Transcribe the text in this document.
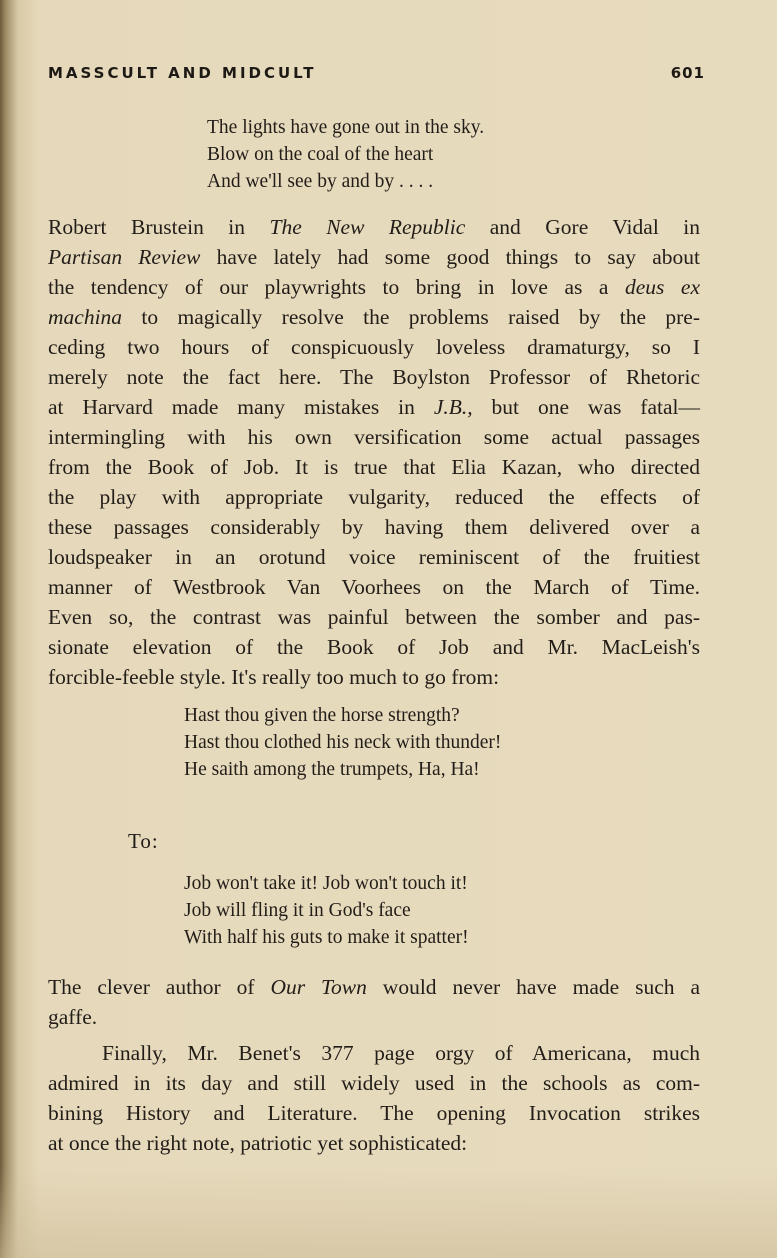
MASSCULT AND MIDCULT	601
The lights have gone out in the sky.
Blow on the coal of the heart
And we'll see by and by . . . .
Robert Brustein in The New Republic and Gore Vidal in
Partisan Review have lately had some good things to say about
the tendency of our playwrights to bring in love as a deus ex
machina to magically resolve the problems raised by the pre-
ceding two hours of conspicuously loveless dramaturgy, so I
merely note the fact here. The Boylston Professor of Rhetoric
at Harvard made many mistakes in J.B., but one was fatal—
intermingling with his own versification some actual passages
from the Book of Job. It is true that Elia Kazan, who directed
the play with appropriate vulgarity, reduced the effects of
these passages considerably by having them delivered over a
loudspeaker in an orotund voice reminiscent of the fruitiest
manner of Westbrook Van Voorhees on the March of Time.
Even so, the contrast was painful between the somber and pas-
sionate elevation of the Book of Job and Mr. MacLeish's
forcible-feeble style. It's really too much to go from:
Hast thou given the horse strength?
Hast thou clothed his neck with thunder!
He saith among the trumpets, Ha, Ha!
To:
Job won't take it! Job won't touch it!
Job will fling it in God's face
With half his guts to make it spatter!
The clever author of Our Town would never have made such a
gaffe.
Finally, Mr. Benet's 377 page orgy of Americana, much
admired in its day and still widely used in the schools as com-
bining History and Literature. The opening Invocation strikes
at once the right note, patriotic yet sophisticated:
